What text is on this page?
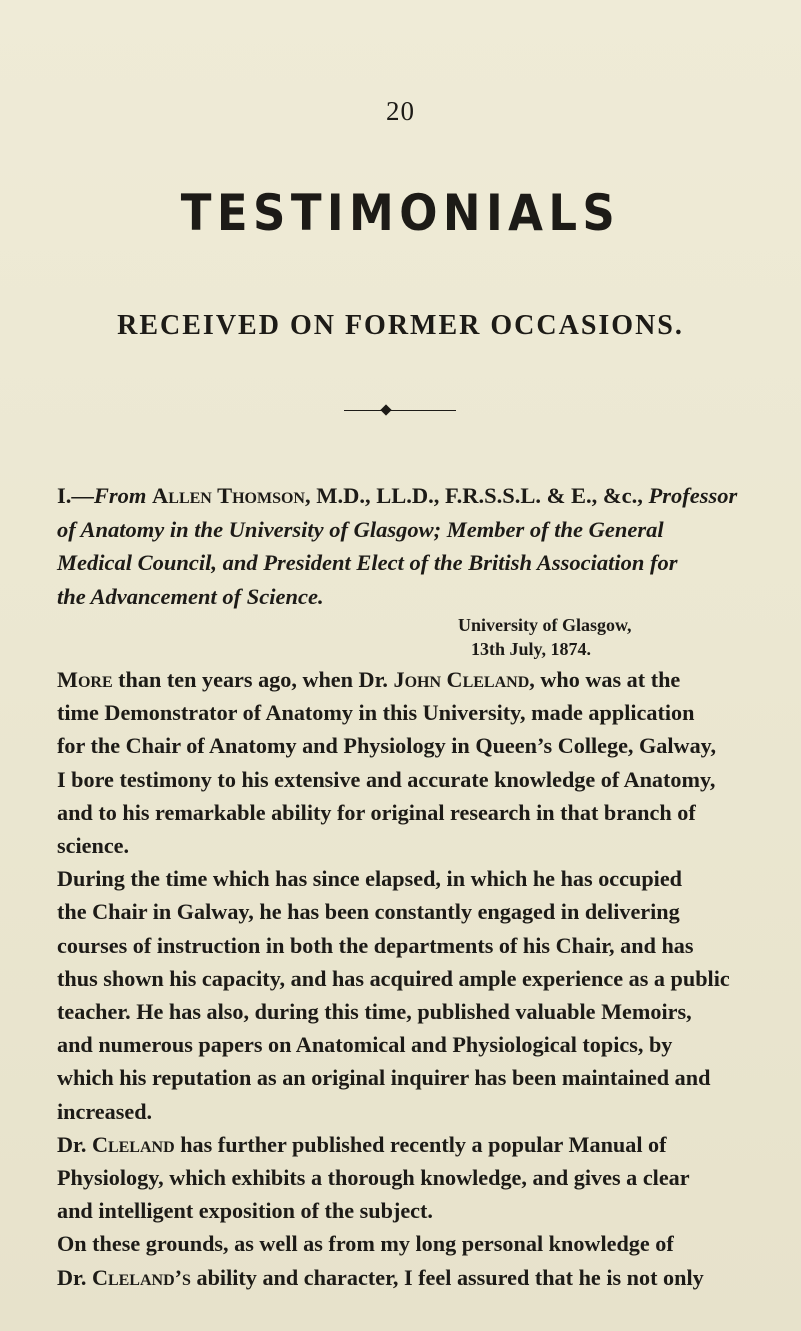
20
TESTIMONIALS
RECEIVED ON FORMER OCCASIONS.
I.—From Allen Thomson, M.D., LL.D., F.R.S.S.L. & E., &c., Professor
of Anatomy in the University of Glasgow; Member of the General
Medical Council, and President Elect of the British Association for
the Advancement of Science.
University of Glasgow,
13th July, 1874.

More than ten years ago, when Dr. John Cleland, who was at the
time Demonstrator of Anatomy in this University, made application
for the Chair of Anatomy and Physiology in Queen’s College, Galway,
I bore testimony to his extensive and accurate knowledge of Anatomy,
and to his remarkable ability for original research in that branch of
science.

During the time which has since elapsed, in which he has occupied
the Chair in Galway, he has been constantly engaged in delivering
courses of instruction in both the departments of his Chair, and has
thus shown his capacity, and has acquired ample experience as a public
teacher. He has also, during this time, published valuable Memoirs,
and numerous papers on Anatomical and Physiological topics, by
which his reputation as an original inquirer has been maintained and
increased.

Dr. Cleland has further published recently a popular Manual of
Physiology, which exhibits a thorough knowledge, and gives a clear
and intelligent exposition of the subject.

On these grounds, as well as from my long personal knowledge of
Dr. Cleland’s ability and character, I feel assured that he is not only
